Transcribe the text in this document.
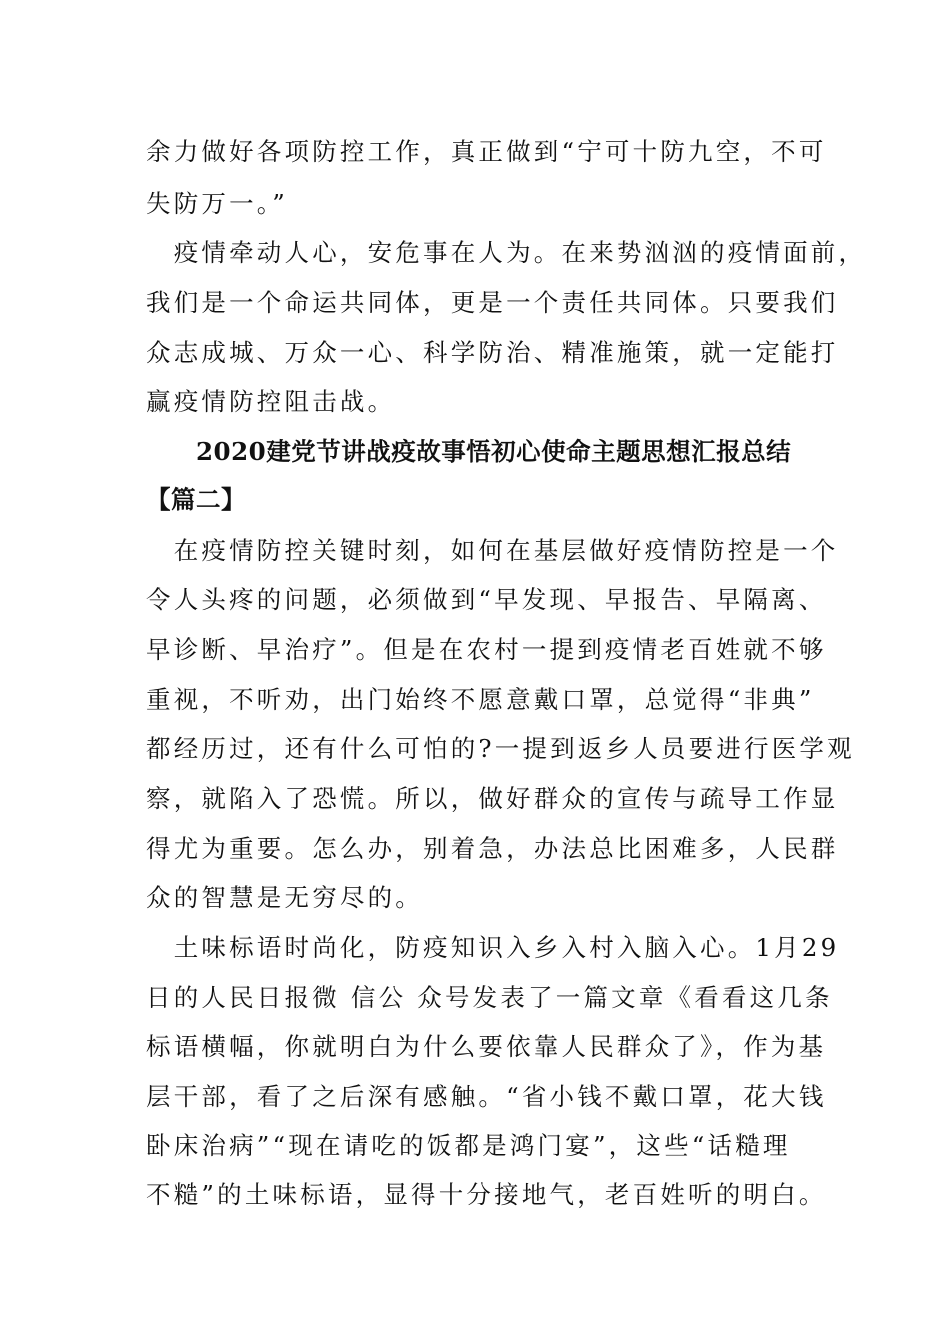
余力做好各项防控工作，真正做到“宁可十防九空，不可
失防万一。”
　疫情牵动人心，安危事在人为。在来势汹汹的疫情面前，
我们是一个命运共同体，更是一个责任共同体。只要我们
众志成城、万众一心、科学防治、精准施策，就一定能打
赢疫情防控阻击战。
　　2020建党节讲战疫故事悟初心使命主题思想汇报总结
【篇二】
　在疫情防控关键时刻，如何在基层做好疫情防控是一个
令人头疼的问题，必须做到“早发现、早报告、早隔离、
早诊断、早治疗”。但是在农村一提到疫情老百姓就不够
重视，不听劝，出门始终不愿意戴口罩，总觉得“非典”
都经历过，还有什么可怕的?一提到返乡人员要进行医学观
察，就陷入了恐慌。所以，做好群众的宣传与疏导工作显
得尤为重要。怎么办，别着急，办法总比困难多，人民群
众的智慧是无穷尽的。
　土味标语时尚化，防疫知识入乡入村入脑入心。1月29
日的人民日报微 信公 众号发表了一篇文章《看看这几条
标语横幅，你就明白为什么要依靠人民群众了》，作为基
层干部，看了之后深有感触。“省小钱不戴口罩，花大钱
卧床治病”“现在请吃的饭都是鸿门宴”，这些“话糙理
不糙”的土味标语，显得十分接地气，老百姓听的明白。
